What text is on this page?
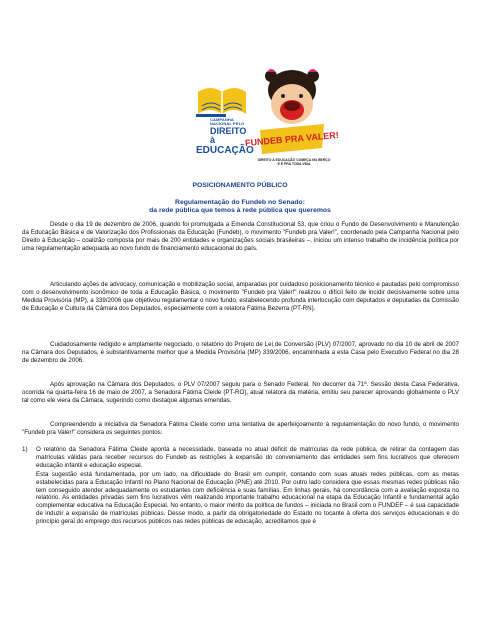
CAMPANHA NACIONAL PELO
DIREITO à
EDUCAÇÃO
FUNDEB PRA VALER!
DIREITO À EDUCAÇÃO COMEÇA NO BERÇO
E É PRA TODA VIDA
POSICIONAMENTO PÚBLICO
Regulamentação do Fundeb no Senado:
da rede pública que temos à rede pública que queremos

Desde o dia 19 de dezembro de 2006, quando foi promulgada a Emenda Constitucional 53, que criou o Fundo de Desenvolvimento e Manutenção da Educação Básica e de Valorização dos Profissionais da Educação (Fundeb), o movimento "Fundeb pra Valer!", coordenado pela Campanha Nacional pelo Direito à Educação – coalizão composta por mais de 200 entidades e organizações sociais brasileiras –, iniciou um intenso trabalho de incidência política por uma regulamentação adequada ao novo fundo de financiamento educacional do país.

Articulando ações de advocacy, comunicação e mobilização social, amparadas por cuidadoso posicionamento técnico e pautadas pelo compromisso com o desenvolvimento isonômico de toda a Educação Básica, o movimento "Fundeb pra Valer!" realizou o difícil feito de incidir decisivamente sobre uma Medida Provisória (MP), a 339/2006 que objetivou regulamentar o novo fundo, estabelecendo profunda interlocução com deputados e deputadas da Comissão de Educação e Cultura da Câmara dos Deputados, especialmente com a relatora Fátima Bezerra (PT-RN).

Cuidadosamente redigido e amplamente negociado, o relatório do Projeto de Lei de Conversão (PLV) 07/2007, aprovado no dia 10 de abril de 2007 na Câmara dos Deputados, é substantivamente melhor que a Medida Provisória (MP) 339/2006, encaminhada a esta Casa pelo Executivo Federal no dia 28 de dezembro de 2006.

Após aprovação na Câmara dos Deputados, o PLV 07/2007 seguiu para o Senado Federal. No decorrer da 71ª. Sessão desta Casa Federativa, ocorrida na quarta-feira 16 de maio de 2007, a Senadora Fátima Cleide (PT-RO), atual relatora da matéria, emitiu seu parecer aprovando globalmente o PLV tal como ele viera da Câmara, sugerindo como destaque algumas emendas.

Compreendendo a iniciativa da Senadora Fátima Cleide como uma tentativa de aperfeiçoamento à regulamentação do novo fundo, o movimento "Fundeb pra Valer!" considera os seguintes pontos:

1) O relatório da Senadora Fátima Cleide aponta a necessidade, baseada no atual déficit de matrículas da rede pública, de retirar da contagem das matrículas válidas para receber recursos do Fundeb as restrições à expansão do conveniamento das entidades sem fins lucrativos que oferecem educação infantil e educação especial.
Esta sugestão está fundamentada, por um lado, na dificuldade do Brasil em cumprir, contando com suas atuais redes públicas, com as metas estabelecidas para a Educação Infantil no Plano Nacional de Educação (PNE) até 2010. Por outro lado considera que essas mesmas redes públicas não tem conseguido atender adequadamente os estudantes com deficiência e suas famílias. Em linhas gerais, há concordância com a avaliação exposta no relatório. As entidades privadas sem fins lucrativos vêm realizando importante trabalho educacional na etapa da Educação Infantil e fundamental ação complementar educativa na Educação Especial. No entanto, o maior mérito da política de fundos – iniciada no Brasil com o FUNDEF – é sua capacidade de induzir a expansão de matrículas públicas. Desse modo, a partir da obrigatoriedade do Estado no tocante à oferta dos serviços educacionais e do princípio geral do emprego dos recursos públicos nas redes públicas de educação, acreditamos que é
